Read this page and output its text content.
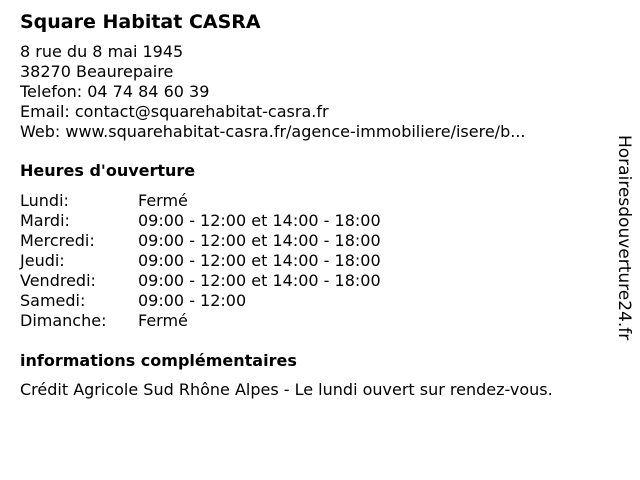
Square Habitat CASRA
8 rue du 8 mai 1945
38270 Beaurepaire
Telefon: 04 74 84 60 39
Email: contact@squarehabitat-casra.fr
Web: www.squarehabitat-casra.fr/agence-immobiliere/isere/b...
Heures d'ouverture
Lundi:	Fermé
Mardi:	09:00 - 12:00 et 14:00 - 18:00
Mercredi:	09:00 - 12:00 et 14:00 - 18:00
Jeudi:	09:00 - 12:00 et 14:00 - 18:00
Vendredi:	09:00 - 12:00 et 14:00 - 18:00
Samedi:	09:00 - 12:00
Dimanche:	Fermé
informations complémentaires
Crédit Agricole Sud Rhône Alpes - Le lundi ouvert sur rendez-vous.
Horairesdouverture24.fr
